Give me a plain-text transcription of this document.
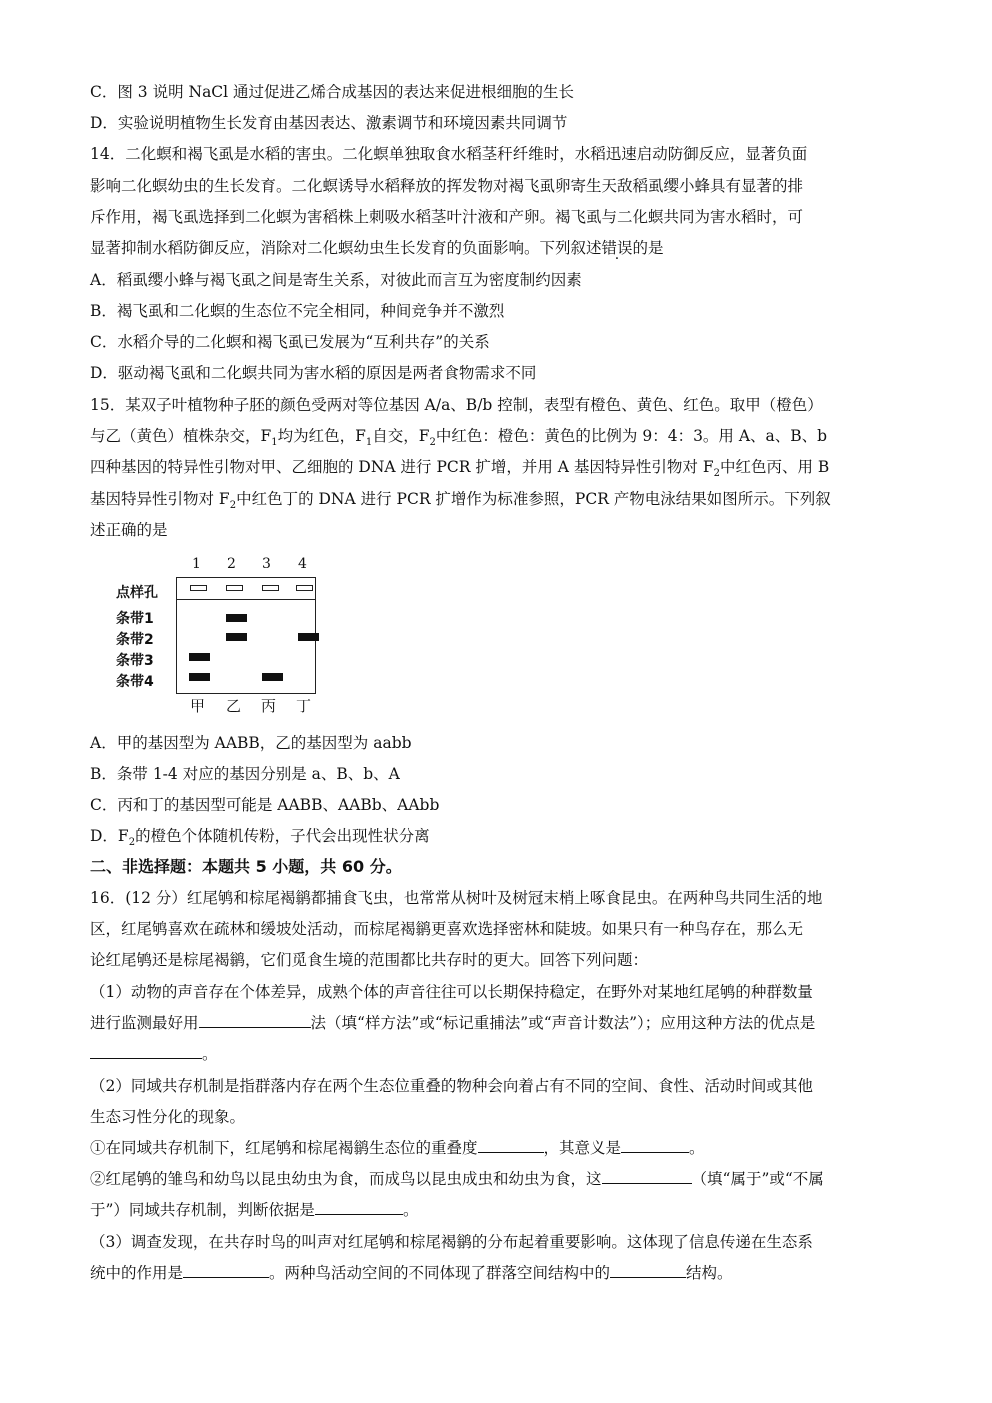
C．图 3 说明 NaCl 通过促进乙烯合成基因的表达来促进根细胞的生长
D．实验说明植物生长发育由基因表达、激素调节和环境因素共同调节
14．二化螟和褐飞虱是水稻的害虫。二化螟单独取食水稻茎秆纤维时，水稻迅速启动防御反应，显著负面
影响二化螟幼虫的生长发育。二化螟诱导水稻释放的挥发物对褐飞虱卵寄生天敌稻虱缨小蜂具有显著的排
斥作用，褐飞虱选择到二化螟为害稻株上刺吸水稻茎叶汁液和产卵。褐飞虱与二化螟共同为害水稻时，可
显著抑制水稻防御反应，消除对二化螟幼虫生长发育的负面影响。下列叙述错误的是
A．稻虱缨小蜂与褐飞虱之间是寄生关系，对彼此而言互为密度制约因素
B．褐飞虱和二化螟的生态位不完全相同，种间竞争并不激烈
C．水稻介导的二化螟和褐飞虱已发展为“互利共存”的关系
D．驱动褐飞虱和二化螟共同为害水稻的原因是两者食物需求不同
15．某双子叶植物种子胚的颜色受两对等位基因 A/a、B/b 控制，表型有橙色、黄色、红色。取甲（橙色）
与乙（黄色）植株杂交，$F_1$均为红色，$F_1$自交，$F_2$中红色：橙色：黄色的比例为 9：4：3。用 A、a、B、b
四种基因的特异性引物对甲、乙细胞的 DNA 进行 PCR 扩增，并用 A 基因特异性引物对 $F_2$中红色丙、用 B
基因特异性引物对 $F_2$中红色丁的 DNA 进行 PCR 扩增作为标准参照，PCR 产物电泳结果如图所示。下列叙
述正确的是
1 2 3 4
点样孔
条带1
条带2
条带3
条带4
甲 乙 丙 丁
A．甲的基因型为 AABB，乙的基因型为 aabb
B．条带 1-4 对应的基因分别是 a、B、b、A
C．丙和丁的基因型可能是 AABB、AABb、AAbb
D．$F_2$的橙色个体随机传粉，子代会出现性状分离
二、非选择题：本题共 5 小题，共 60 分。
16．(12 分）红尾鸲和棕尾褐鹟都捕食飞虫，也常常从树叶及树冠末梢上啄食昆虫。在两种鸟共同生活的地
区，红尾鸲喜欢在疏林和缓坡处活动，而棕尾褐鹟更喜欢选择密林和陡坡。如果只有一种鸟存在，那么无
论红尾鸲还是棕尾褐鹟，它们觅食生境的范围都比共存时的更大。回答下列问题：
（1）动物的声音存在个体差异，成熟个体的声音往往可以长期保持稳定，在野外对某地红尾鸲的种群数量
进行监测最好用	法（填“样方法”或“标记重捕法”或“声音计数法”）；应用这种方法的优点是
。
（2）同域共存机制是指群落内存在两个生态位重叠的物种会向着占有不同的空间、食性、活动时间或其他
生态习性分化的现象。
①在同域共存机制下，红尾鸲和棕尾褐鹟生态位的重叠度	，其意义是	。
②红尾鸲的雏鸟和幼鸟以昆虫幼虫为食，而成鸟以昆虫成虫和幼虫为食，这	（填“属于”或“不属
于”）同域共存机制，判断依据是	。
（3）调查发现，在共存时鸟的叫声对红尾鸲和棕尾褐鹟的分布起着重要影响。这体现了信息传递在生态系
统中的作用是	。两种鸟活动空间的不同体现了群落空间结构中的	结构。
